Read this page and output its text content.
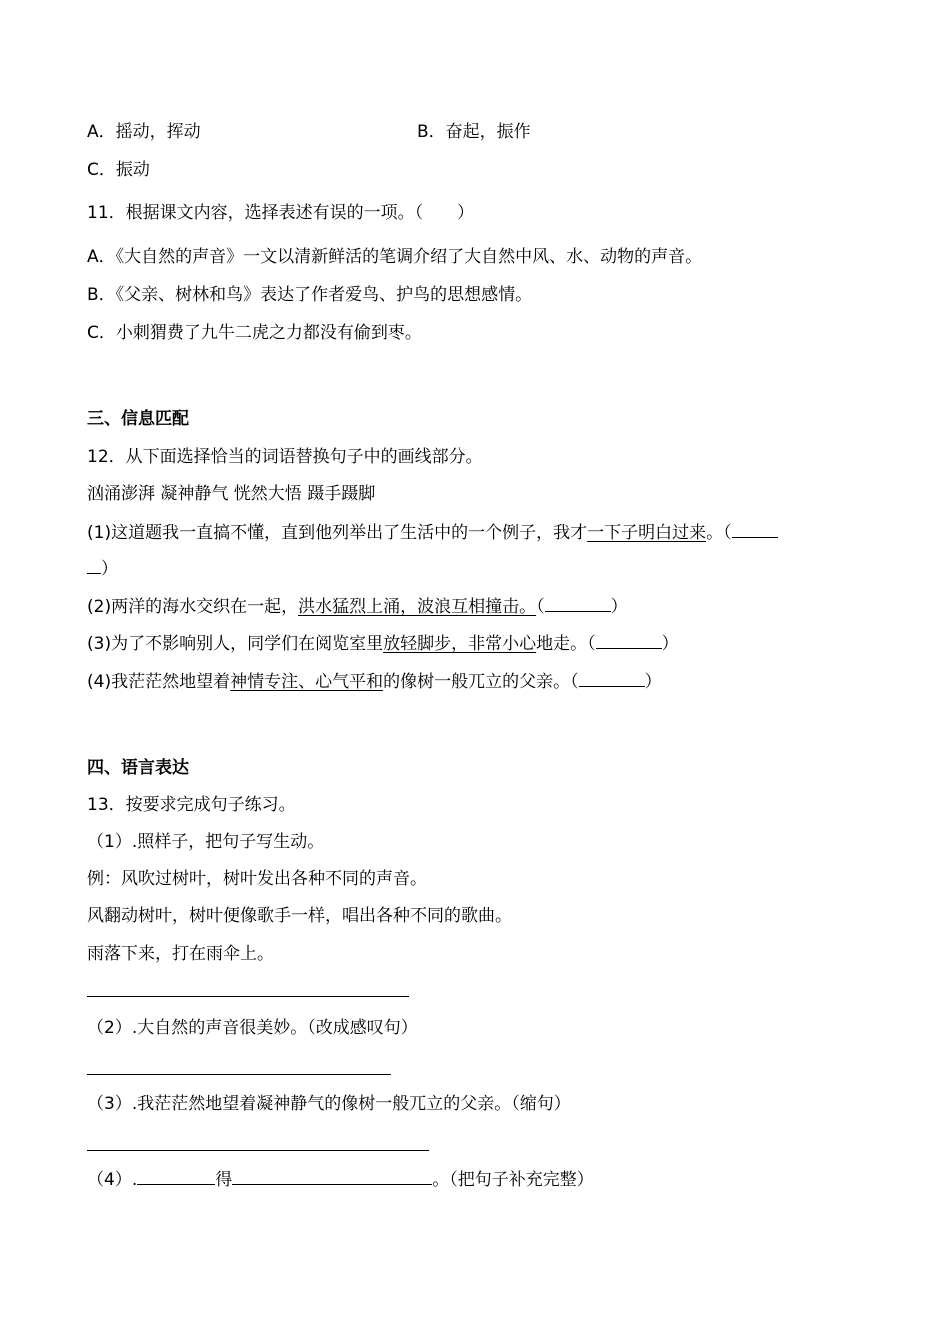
A．摇动，挥动	B．奋起，振作
C．振动
11．根据课文内容，选择表述有误的一项。（　　）
A．《大自然的声音》一文以清新鲜活的笔调介绍了大自然中风、水、动物的声音。
B．《父亲、树林和鸟》表达了作者爱鸟、护鸟的思想感情。
C．小刺猬费了九牛二虎之力都没有偷到枣。
三、信息匹配
12．从下面选择恰当的词语替换句子中的画线部分。
汹涌澎湃 凝神静气 恍然大悟 蹑手蹑脚
(1)这道题我一直搞不懂，直到他列举出了生活中的一个例子，我才一下子明白过来。（
）
(2)两洋的海水交织在一起，洪水猛烈上涌，波浪互相撞击。（	）
(3)为了不影响别人，同学们在阅览室里放轻脚步，非常小心地走。（	）
(4)我茫茫然地望着神情专注、心气平和的像树一般兀立的父亲。（	）
四、语言表达
13．按要求完成句子练习。
（1）.照样子，把句子写生动。
例：风吹过树叶，树叶发出各种不同的声音。
风翻动树叶，树叶便像歌手一样，唱出各种不同的歌曲。
雨落下来，打在雨伞上。
（2）.大自然的声音很美妙。（改成感叹句）
（3）.我茫茫然地望着凝神静气的像树一般兀立的父亲。（缩句）
（4）.	得	。（把句子补充完整）
